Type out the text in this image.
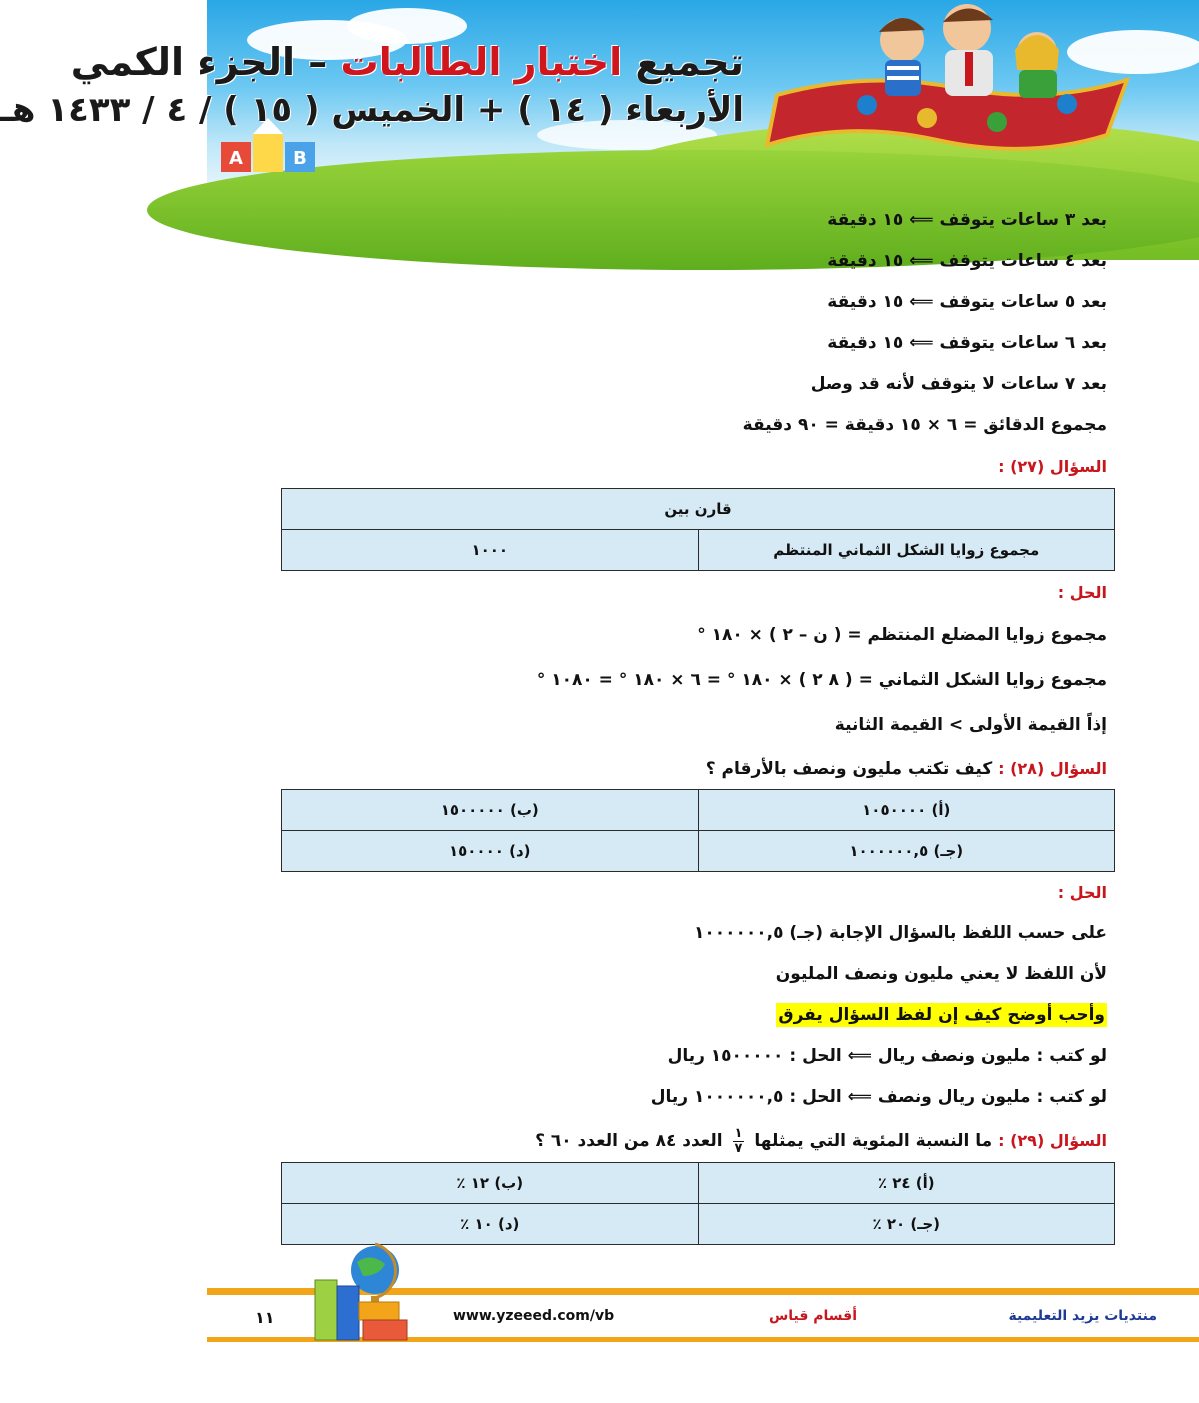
A	B
تجميع اختبار الطالبات – الجزء الكمي
الأربعاء ( ١٤ ) + الخميس ( ١٥ ) / ٤ / ١٤٣٣ هـ
بعد ٣ ساعات يتوقف ⟸ ١٥ دقيقة
بعد ٤ ساعات يتوقف ⟸ ١٥ دقيقة
بعد ٥ ساعات يتوقف ⟸ ١٥ دقيقة
بعد ٦ ساعات يتوقف ⟸ ١٥ دقيقة
بعد ٧ ساعات لا يتوقف لأنه قد وصل
مجموع الدقائق = ٦ × ١٥ دقيقة = ٩٠ دقيقة
السؤال (٢٧) :
قارن بين
مجموع زوايا الشكل الثماني المنتظم	١٠٠٠
الحل :
مجموع زوايا المضلع المنتظم = ( ن – ٢ ) × ١٨٠ °
مجموع زوايا الشكل الثماني = ( ٨ ٢ ) × ١٨٠ ° = ٦ × ١٨٠ ° = ١٠٨٠ °
إذاً القيمة الأولى > القيمة الثانية
السؤال (٢٨) : كيف تكتب مليون ونصف بالأرقام ؟
(أ) ١٠٥٠٠٠٠	(ب) ١٥٠٠٠٠٠
(جـ) ١٠٠٠٠٠٠,٥	(د) ١٥٠٠٠٠
الحل :
على حسب اللفظ بالسؤال الإجابة (جـ) ١٠٠٠٠٠٠,٥
لأن اللفظ لا يعني مليون ونصف المليون
وأحب أوضح كيف إن لفظ السؤال يفرق
لو كتب : مليون ونصف ريال ⟸ الحل : ١٥٠٠٠٠٠ ريال
لو كتب : مليون ريال ونصف ⟸ الحل : ١٠٠٠٠٠٠,٥ ريال
السؤال (٢٩) : ما النسبة المئوية التي يمثلها
١
٧
العدد ٨٤ من العدد ٦٠ ؟
(أ) ٢٤ ٪	(ب) ١٢ ٪
(جـ) ٢٠ ٪	(د) ١٠ ٪
منتديات يزيد التعليمية
أقسام قياس
www.yzeeed.com/vb
١١
